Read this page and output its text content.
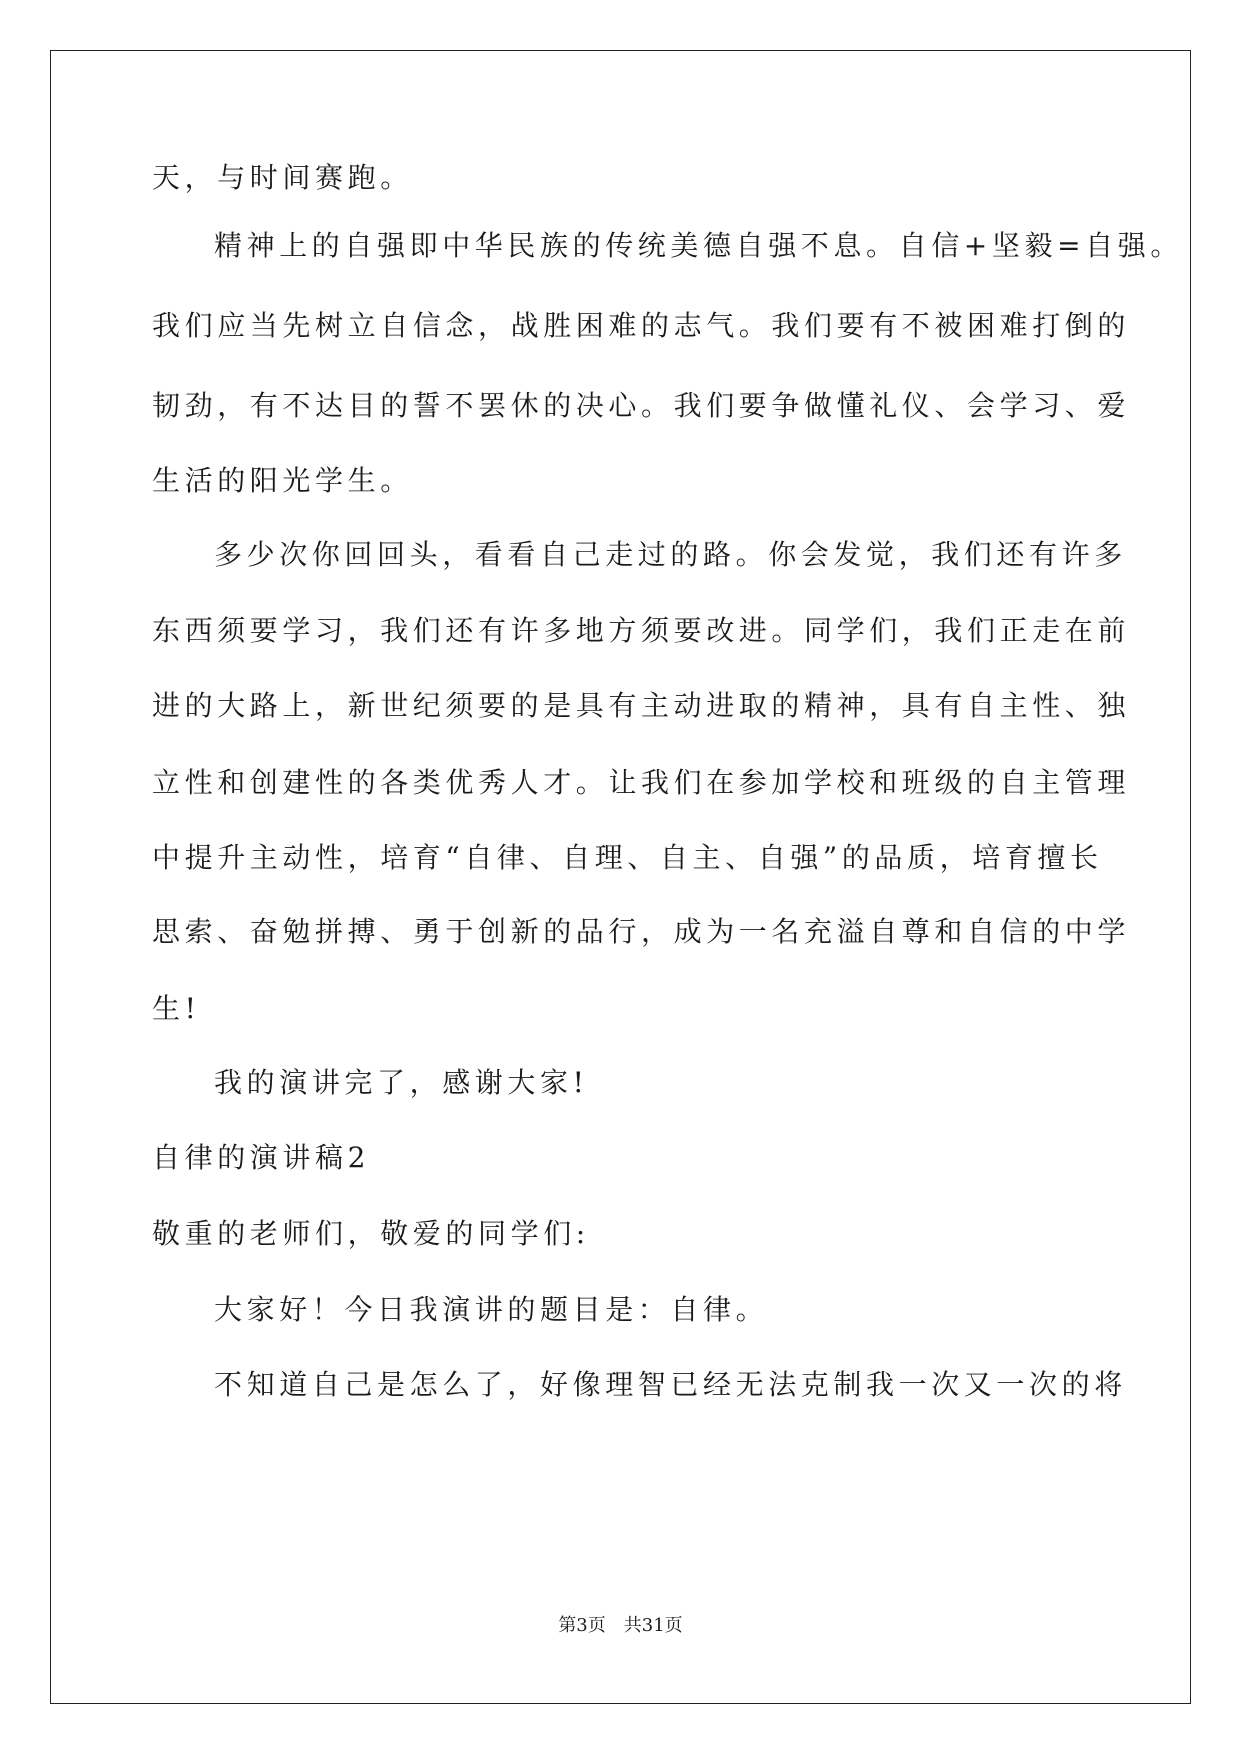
天，与时间赛跑。
精神上的自强即中华民族的传统美德自强不息。自信+坚毅=自强。
我们应当先树立自信念，战胜困难的志气。我们要有不被困难打倒的
韧劲，有不达目的誓不罢休的决心。我们要争做懂礼仪、会学习、爱
生活的阳光学生。
多少次你回回头，看看自己走过的路。你会发觉，我们还有许多
东西须要学习，我们还有许多地方须要改进。同学们，我们正走在前
进的大路上，新世纪须要的是具有主动进取的精神，具有自主性、独
立性和创建性的各类优秀人才。让我们在参加学校和班级的自主管理
中提升主动性，培育“自律、自理、自主、自强”的品质，培育擅长
思索、奋勉拼搏、勇于创新的品行，成为一名充溢自尊和自信的中学
生!
我的演讲完了，感谢大家!
自律的演讲稿2
敬重的老师们，敬爱的同学们:
大家好！今日我演讲的题目是：自律。
不知道自己是怎么了，好像理智已经无法克制我一次又一次的将
第3页 共31页
